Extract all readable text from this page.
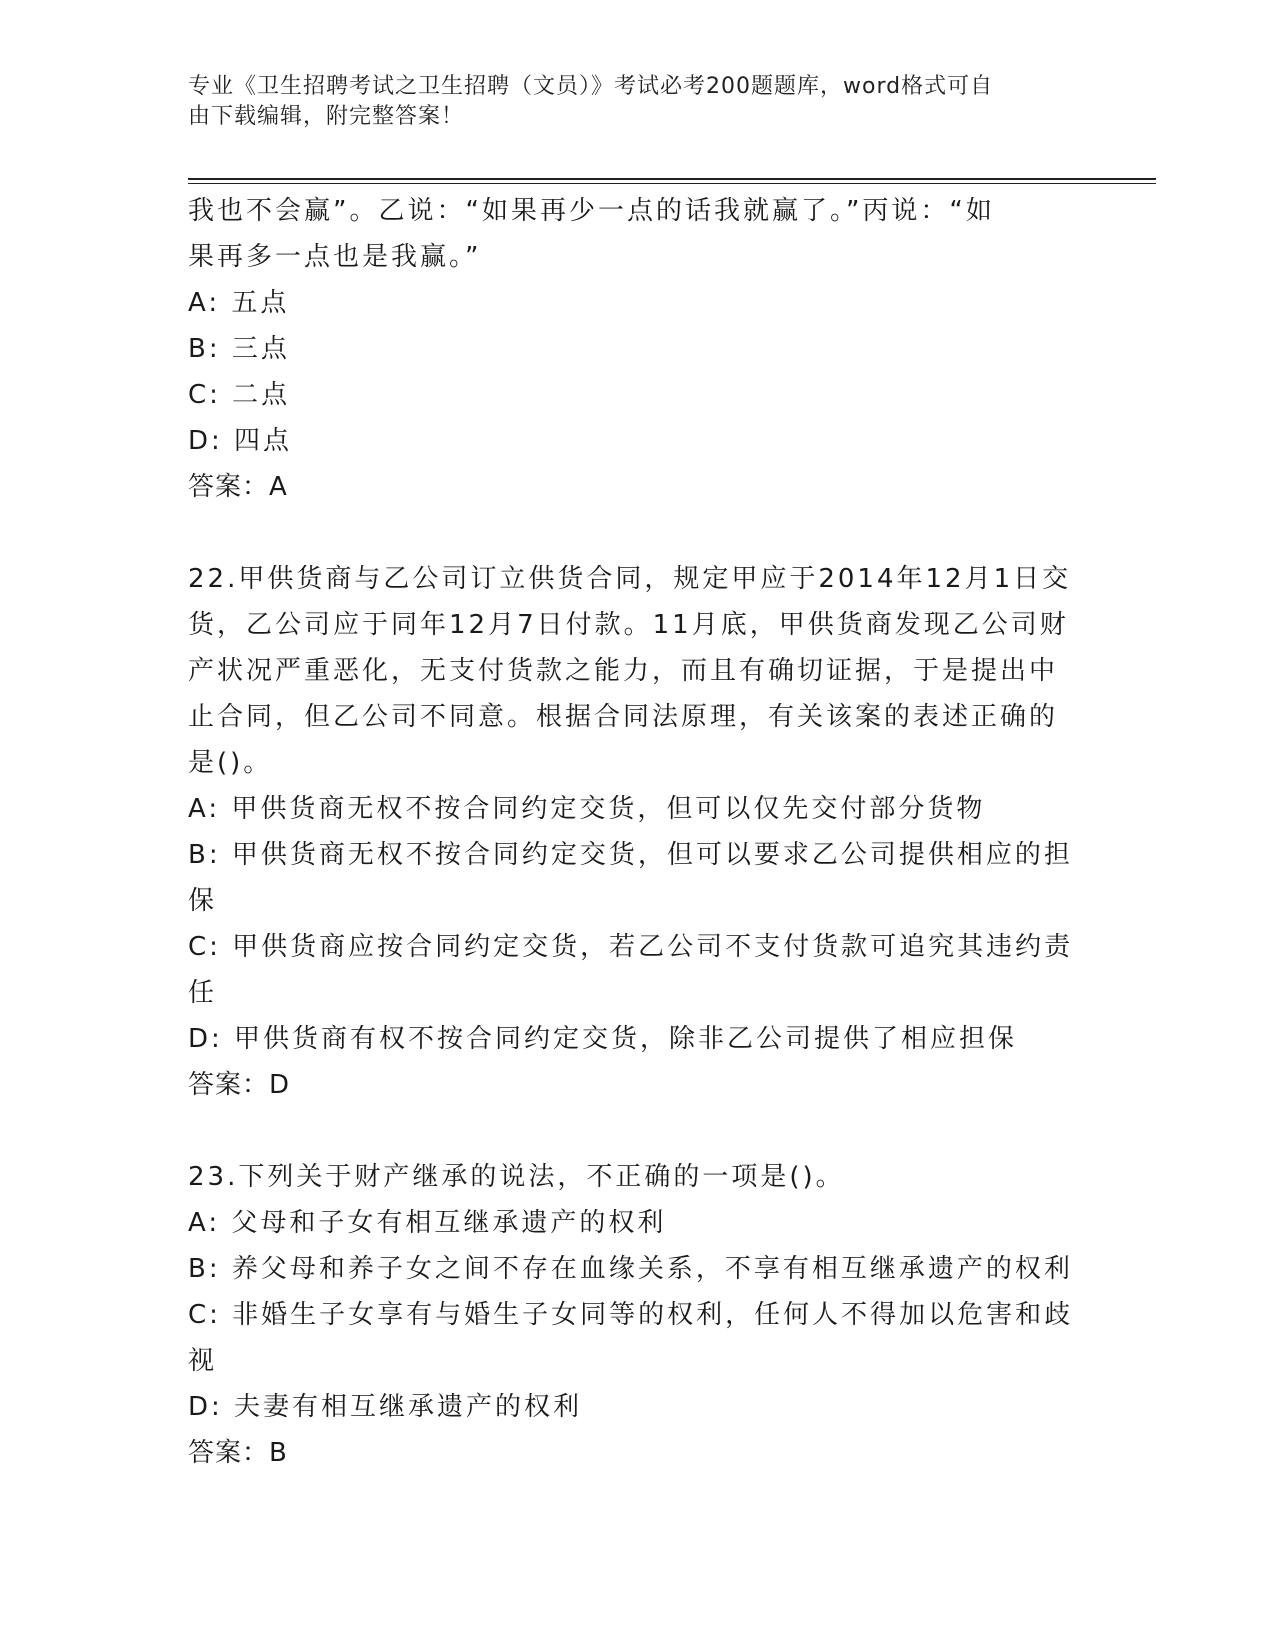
专业《卫生招聘考试之卫生招聘（文员）》考试必考200题题库，word格式可自

由下载编辑，附完整答案！

我也不会赢”。乙说：“如果再少一点的话我就赢了。”丙说：“如

果再多一点也是我赢。”

A: 五点

B: 三点

C: 二点

D: 四点

答案：A

22.甲供货商与乙公司订立供货合同，规定甲应于2014年12月1日交

货，乙公司应于同年12月7日付款。11月底，甲供货商发现乙公司财

产状况严重恶化，无支付货款之能力，而且有确切证据，于是提出中

止合同，但乙公司不同意。根据合同法原理，有关该案的表述正确的

是()。

A: 甲供货商无权不按合同约定交货，但可以仅先交付部分货物

B: 甲供货商无权不按合同约定交货，但可以要求乙公司提供相应的担

保

C: 甲供货商应按合同约定交货，若乙公司不支付货款可追究其违约责

任

D: 甲供货商有权不按合同约定交货，除非乙公司提供了相应担保

答案：D

23.下列关于财产继承的说法，不正确的一项是()。

A: 父母和子女有相互继承遗产的权利

B: 养父母和养子女之间不存在血缘关系，不享有相互继承遗产的权利

C: 非婚生子女享有与婚生子女同等的权利，任何人不得加以危害和歧

视

D: 夫妻有相互继承遗产的权利

答案：B
